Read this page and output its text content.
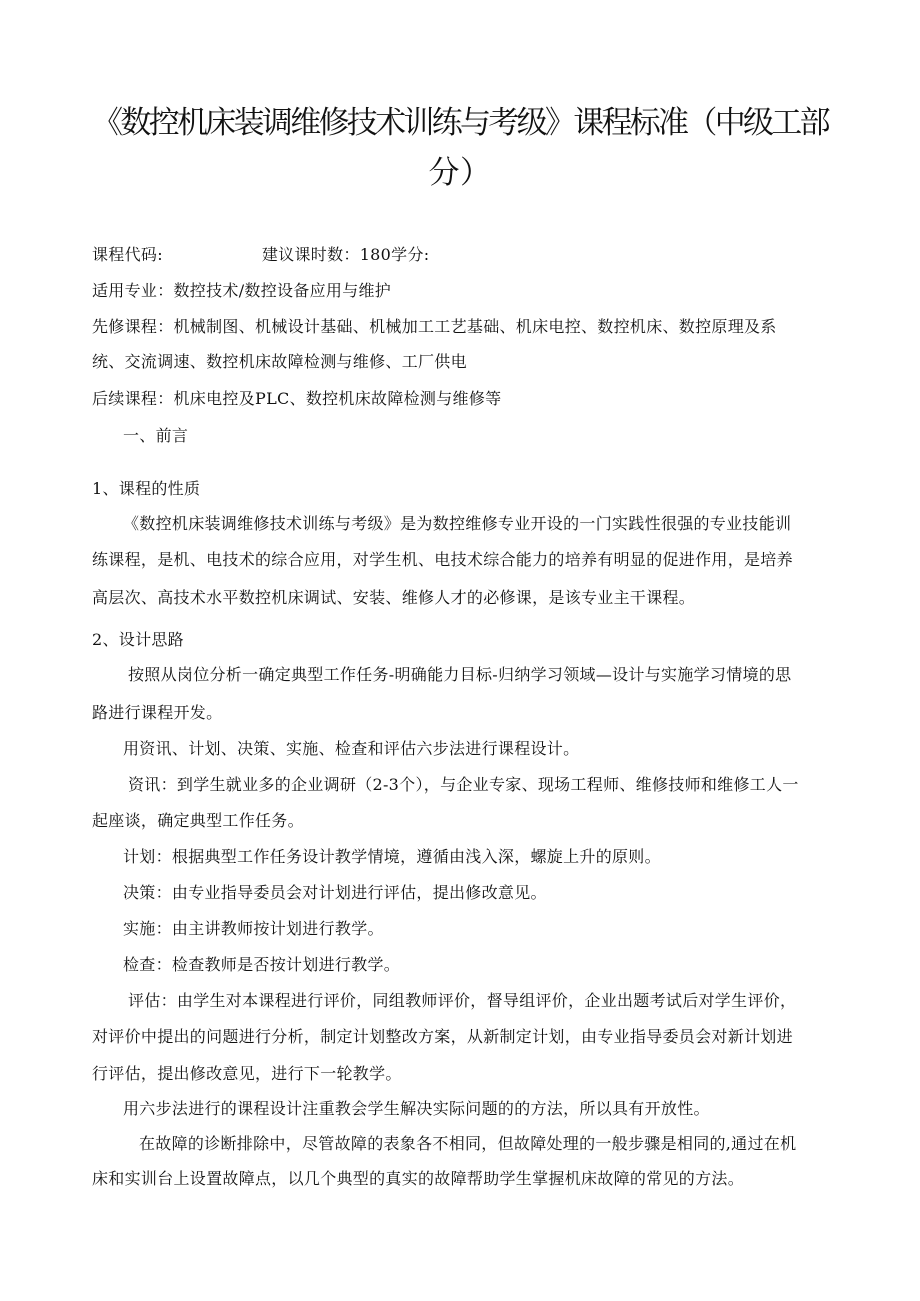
《数控机床装调维修技术训练与考级》课程标准（中级工部
分）
课程代码:	建议课时数：180学分:
适用专业：数控技术/数控设备应用与维护
先修课程：机械制图、机械设计基础、机械加工工艺基础、机床电控、数控机床、数控原理及系
统、交流调速、数控机床故障检测与维修、工厂供电
后续课程：机床电控及PLC、数控机床故障检测与维修等
一、前言
1、课程的性质
《数控机床装调维修技术训练与考级》是为数控维修专业开设的一门实践性很强的专业技能训
练课程，是机、电技术的综合应用，对学生机、电技术综合能力的培养有明显的促进作用，是培养
高层次、高技术水平数控机床调试、安装、维修人才的必修课，是该专业主干课程。
2、设计思路
按照从岗位分析一确定典型工作任务-明确能力目标-归纳学习领域—设计与实施学习情境的思
路进行课程开发。
用资讯、计划、决策、实施、检查和评估六步法进行课程设计。
资讯：到学生就业多的企业调研（2-3个），与企业专家、现场工程师、维修技师和维修工人一
起座谈，确定典型工作任务。
计划：根据典型工作任务设计教学情境，遵循由浅入深，螺旋上升的原则。
决策：由专业指导委员会对计划进行评估，提出修改意见。
实施：由主讲教师按计划进行教学。
检查：检查教师是否按计划进行教学。
评估：由学生对本课程进行评价，同组教师评价，督导组评价，企业出题考试后对学生评价，
对评价中提出的问题进行分析，制定计划整改方案，从新制定计划，由专业指导委员会对新计划进
行评估，提出修改意见，进行下一轮教学。
用六步法进行的课程设计注重教会学生解决实际问题的的方法，所以具有开放性。
在故障的诊断排除中，尽管故障的表象各不相同，但故障处理的一般步骤是相同的,通过在机
床和实训台上设置故障点，以几个典型的真实的故障帮助学生掌握机床故障的常见的方法。
